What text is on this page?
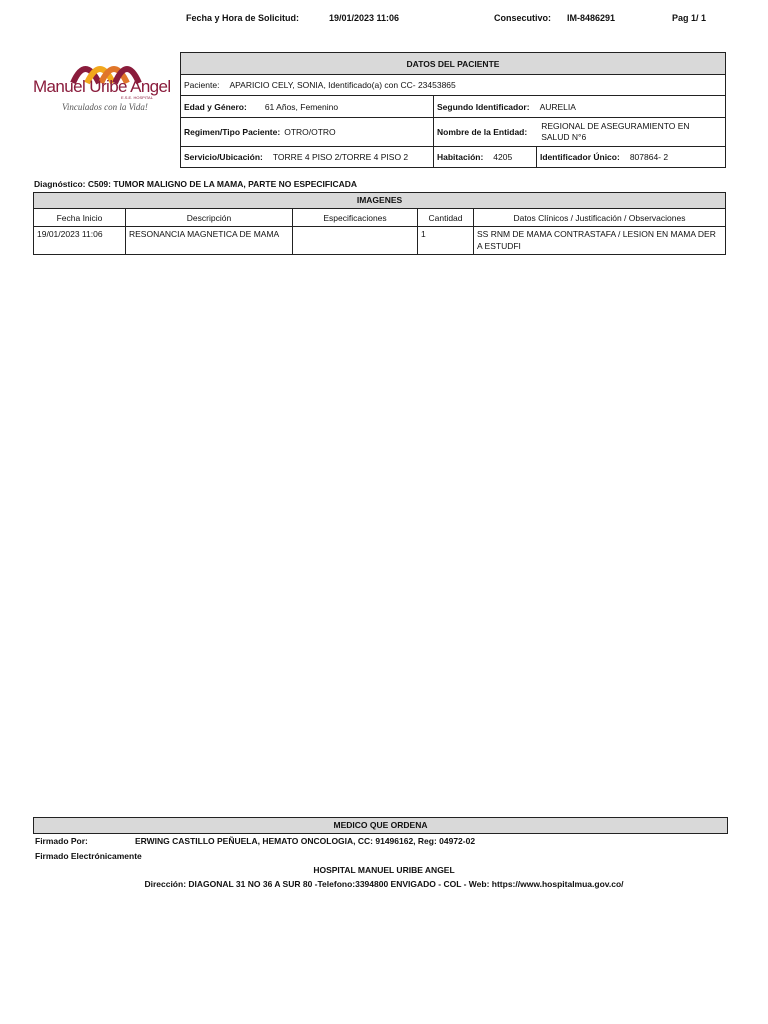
Fecha y Hora de Solicitud:	19/01/2023 11:06	Consecutivo: IM-8486291	Pag 1/ 1
Manuel Uribe Angel
E.S.E. HOSPITAL
Vinculados con la Vida!
DATOS DEL PACIENTE		
Paciente: APARICIO CELY, SONIA, Identificado(a) con CC- 23453865		
Edad y Género: 61 Años, Femenino	Segundo Identificador: AURELIA	
Regimen/Tipo Paciente: OTRO/OTRO	Nombre de la Entidad:
REGIONAL DE ASEGURAMIENTO EN SALUD N°6	

Servicio/Ubicación: TORRE 4 PISO 2/TORRE 4 PISO 2	Habitación: 4205	Identificador Único: 807864- 2
Diagnóstico: C509: TUMOR MALIGNO DE LA MAMA, PARTE NO ESPECIFICADA
IMAGENES				
Fecha Inicio	Descripción	Especificaciones	Cantidad	Datos Clínicos / Justificación / Observaciones
19/01/2023 11:06	RESONANCIA MAGNETICA DE MAMA		1	SS RNM DE MAMA CONTRASTAFA / LESION EN MAMA DER A ESTUDFI
MEDICO QUE ORDENA
Firmado Por:	ERWING CASTILLO PEÑUELA, HEMATO ONCOLOGIA, CC: 91496162, Reg: 04972-02
Firmado Electrónicamente
HOSPITAL MANUEL URIBE ANGEL
Dirección: DIAGONAL 31 NO 36 A SUR 80 -Telefono:3394800 ENVIGADO - COL - Web: https://www.hospitalmua.gov.co/
